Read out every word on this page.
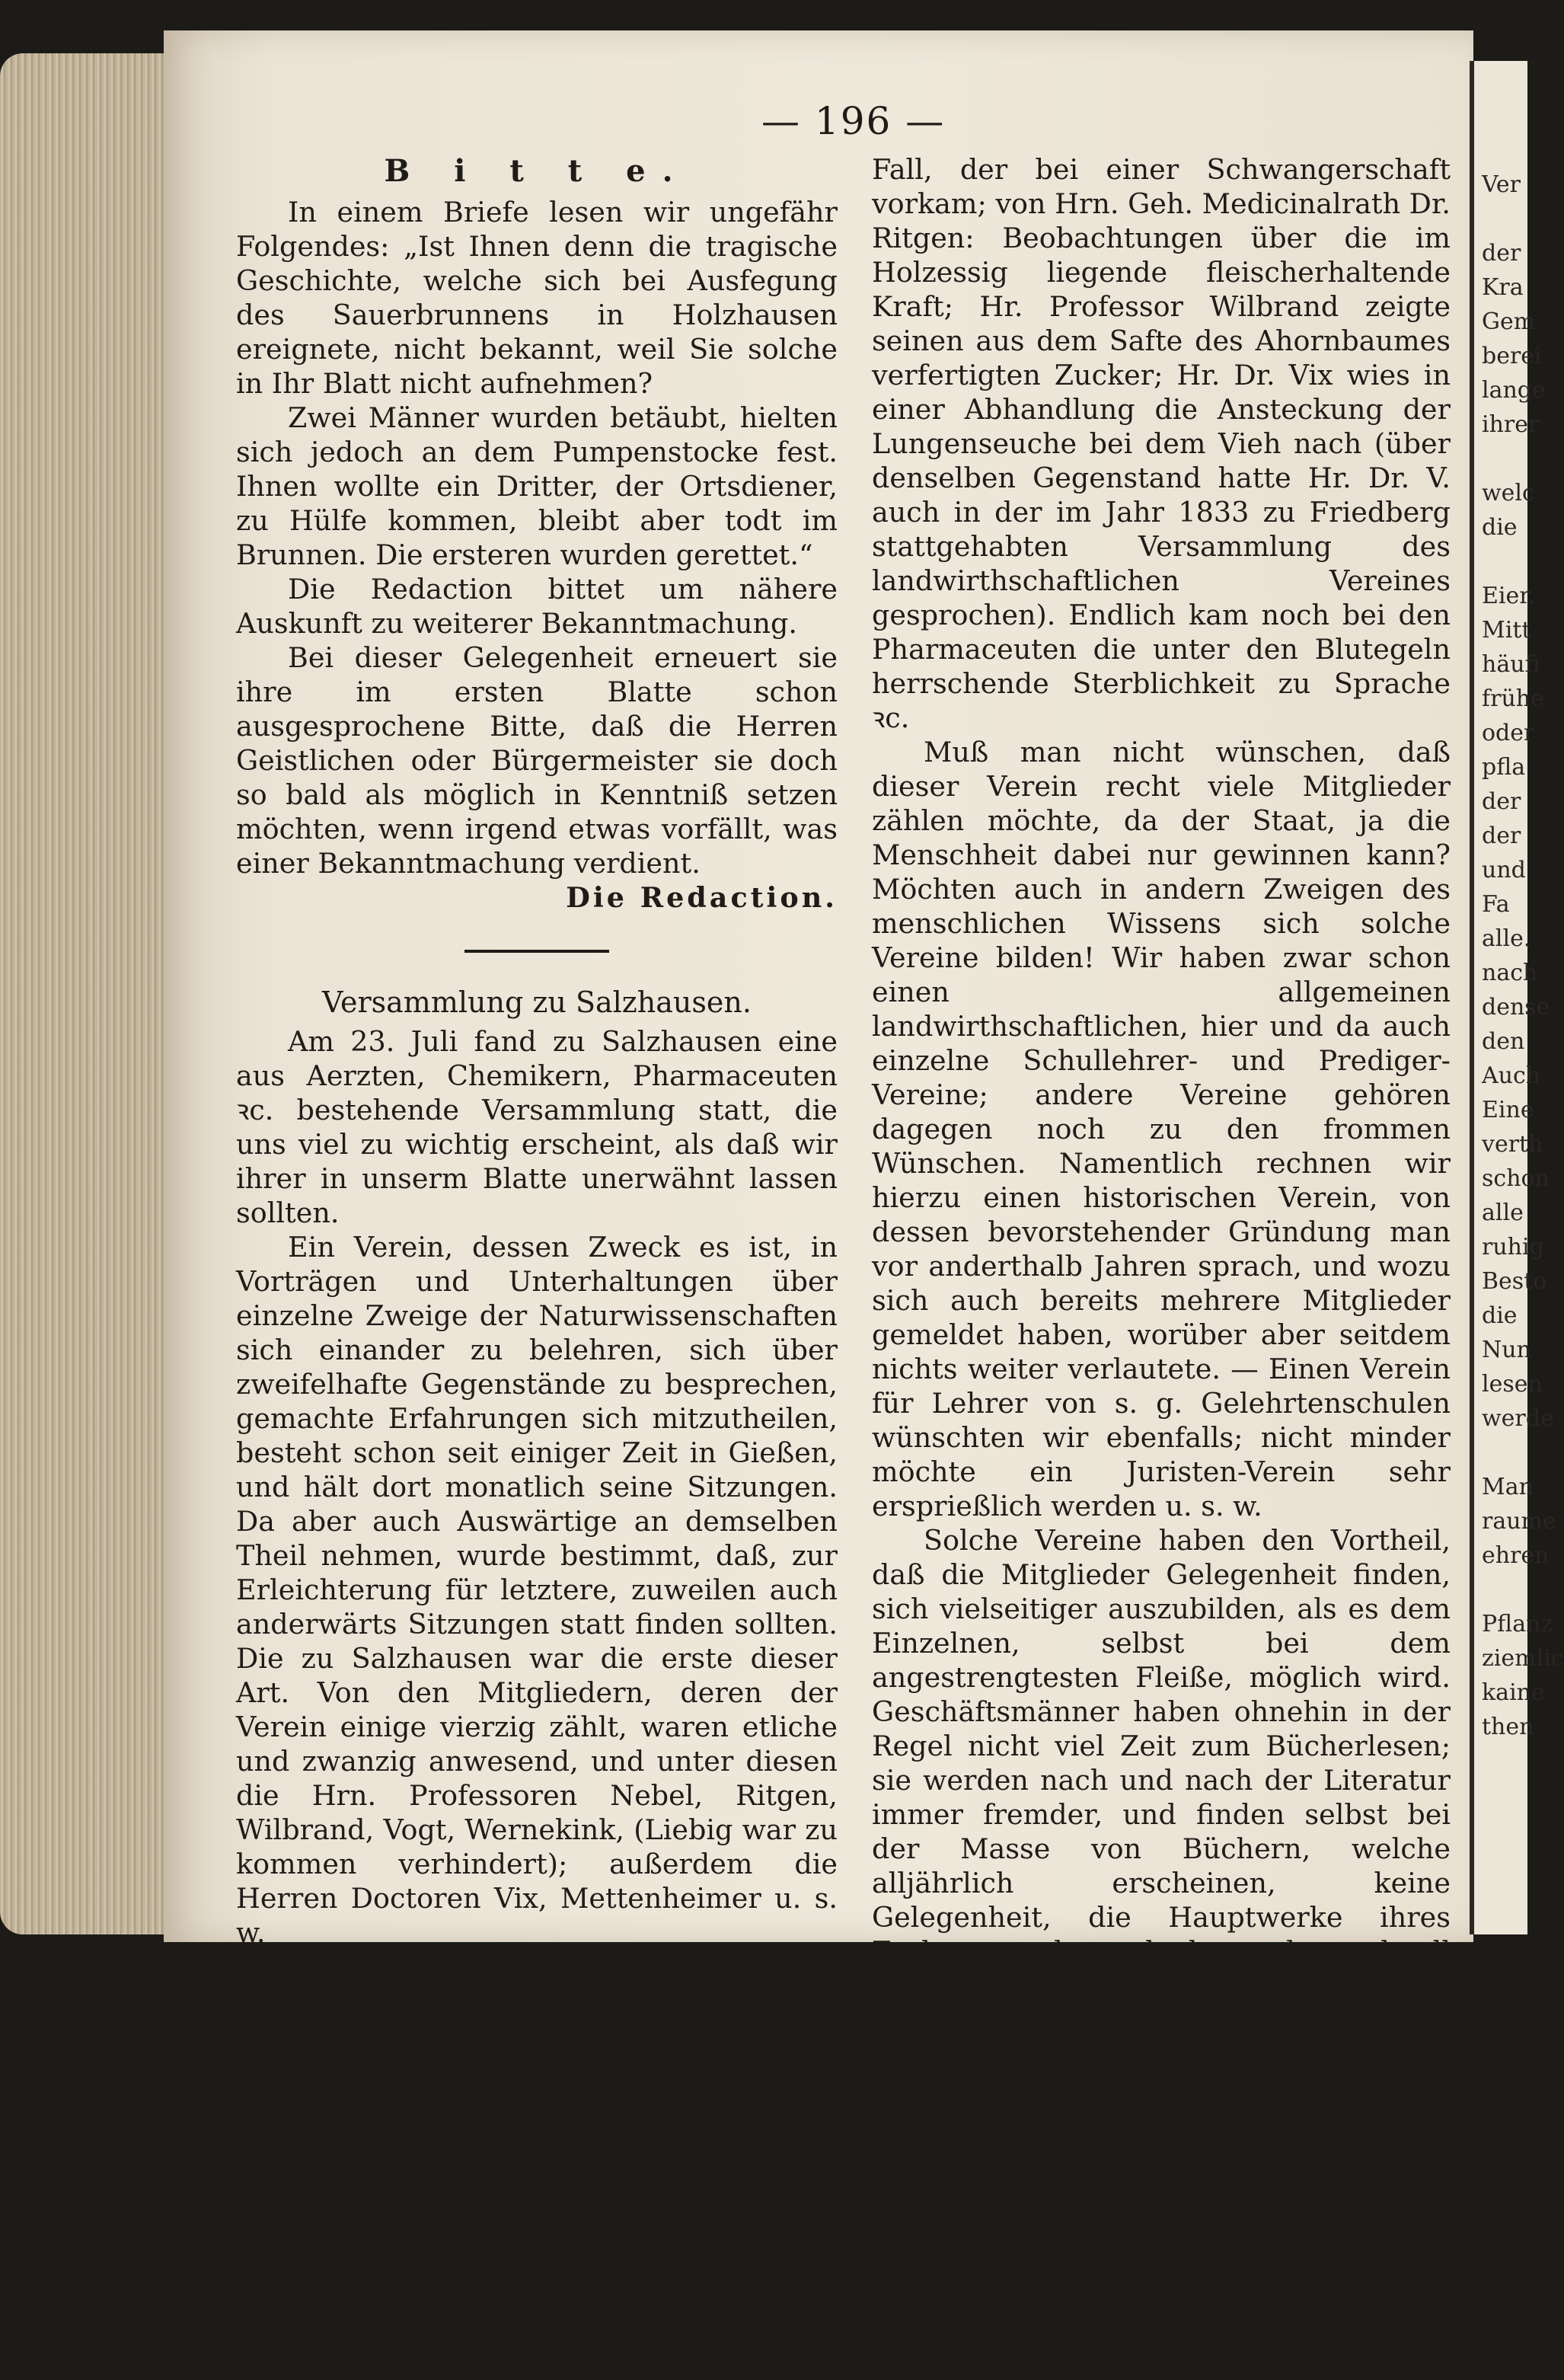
— 196 —
B i t t e.

In einem Briefe lesen wir ungefähr Folgendes: „Ist Ihnen denn die tragische Geschichte, welche sich bei Ausfegung des Sauerbrunnens in Holzhausen ereignete, nicht bekannt, weil Sie solche in Ihr Blatt nicht aufnehmen?

Zwei Männer wurden betäubt, hielten sich jedoch an dem Pumpenstocke fest. Ihnen wollte ein Dritter, der Ortsdiener, zu Hülfe kommen, bleibt aber todt im Brunnen. Die ersteren wurden gerettet.“

Die Redaction bittet um nähere Auskunft zu weiterer Bekanntmachung.

Bei dieser Gelegenheit erneuert sie ihre im ersten Blatte schon ausgesprochene Bitte, daß die Herren Geistlichen oder Bürgermeister sie doch so bald als möglich in Kenntniß setzen möchten, wenn irgend etwas vorfällt, was einer Bekanntmachung verdient.

Die Redaction.
Versammlung zu Salzhausen.

Am 23. Juli fand zu Salzhausen eine aus Aerzten, Chemikern, Pharmaceuten ꝛc. bestehende Versammlung statt, die uns viel zu wichtig erscheint, als daß wir ihrer in unserm Blatte unerwähnt lassen sollten.

Ein Verein, dessen Zweck es ist, in Vorträgen und Unterhaltungen über einzelne Zweige der Naturwissenschaften sich einander zu belehren, sich über zweifelhafte Gegenstände zu besprechen, gemachte Erfahrungen sich mitzutheilen, besteht schon seit einiger Zeit in Gießen, und hält dort monatlich seine Sitzungen. Da aber auch Auswärtige an demselben Theil nehmen, wurde bestimmt, daß, zur Erleichterung für letztere, zuweilen auch anderwärts Sitzungen statt finden sollten. Die zu Salzhausen war die erste dieser Art. Von den Mitgliedern, deren der Verein einige vierzig zählt, waren etliche und zwanzig anwesend, und unter diesen die Hrn. Professoren Nebel, Ritgen, Wilbrand, Vogt, Wernekink, (Liebig war zu kommen verhindert); außerdem die Herren Doctoren Vix, Mettenheimer u. s. w.

Von den Vorträgen, welche hier gehalten wurden, erwähnen wir den des Herrn Medicinalrath Dr. Möller von Nidda über einen besonderen

Fall, der bei einer Schwangerschaft vorkam; von Hrn. Geh. Medicinalrath Dr. Ritgen: Beobachtungen über die im Holzessig liegende fleischerhaltende Kraft; Hr. Professor Wilbrand zeigte seinen aus dem Safte des Ahornbaumes verfertigten Zucker; Hr. Dr. Vix wies in einer Abhandlung die Ansteckung der Lungenseuche bei dem Vieh nach (über denselben Gegenstand hatte Hr. Dr. V. auch in der im Jahr 1833 zu Friedberg stattgehabten Versammlung des landwirthschaftlichen Vereines gesprochen). Endlich kam noch bei den Pharmaceuten die unter den Blutegeln herrschende Sterblichkeit zu Sprache ꝛc.

Muß man nicht wünschen, daß dieser Verein recht viele Mitglieder zählen möchte, da der Staat, ja die Menschheit dabei nur gewinnen kann? Möchten auch in andern Zweigen des menschlichen Wissens sich solche Vereine bilden! Wir haben zwar schon einen allgemeinen landwirthschaftlichen, hier und da auch einzelne Schullehrer- und Prediger-Vereine; andere Vereine gehören dagegen noch zu den frommen Wünschen. Namentlich rechnen wir hierzu einen historischen Verein, von dessen bevorstehender Gründung man vor anderthalb Jahren sprach, und wozu sich auch bereits mehrere Mitglieder gemeldet haben, worüber aber seitdem nichts weiter verlautete. — Einen Verein für Lehrer von s. g. Gelehrtenschulen wünschten wir ebenfalls; nicht minder möchte ein Juristen-Verein sehr ersprießlich werden u. s. w.

Solche Vereine haben den Vortheil, daß die Mitglieder Gelegenheit finden, sich vielseitiger auszubilden, als es dem Einzelnen, selbst bei dem angestrengtesten Fleiße, möglich wird. Geschäftsmänner haben ohnehin in der Regel nicht viel Zeit zum Bücherlesen; sie werden nach und nach der Literatur immer fremder, und finden selbst bei der Masse von Büchern, welche alljährlich erscheinen, keine Gelegenheit, die Hauptwerke ihres Faches von den unbedeutenden, schnell vergänglichen Werken leichtsinniger Büchermacher zu unterscheiden. In Vereinen dagegen werden sie auf die wichtigsten Veränderungen, auf die bedeutendsten literarischen Erscheinungen in ihrem Fache aufmerksam gemacht, und was das Wichtigste ist, man muntert sich da gegenseitig auf, erhält auf's Neue Liebe zu seinem Fache und stählt sich gegen alles, was störend dagegen einwirken könnte.

Ver

der
Kra
Gem
berei
lange
ihrer

welc
die

Eier.
Mitt
häufi
frühe
oder
pfla
der
der
und
Fa
alle.
nach
dense
den
Auch
Eine
verth
schon
alle
ruhig
Besto
die
Nun
lesen
werde

Man
raume
ehren

Pflanz
ziemlic
kaine
then
